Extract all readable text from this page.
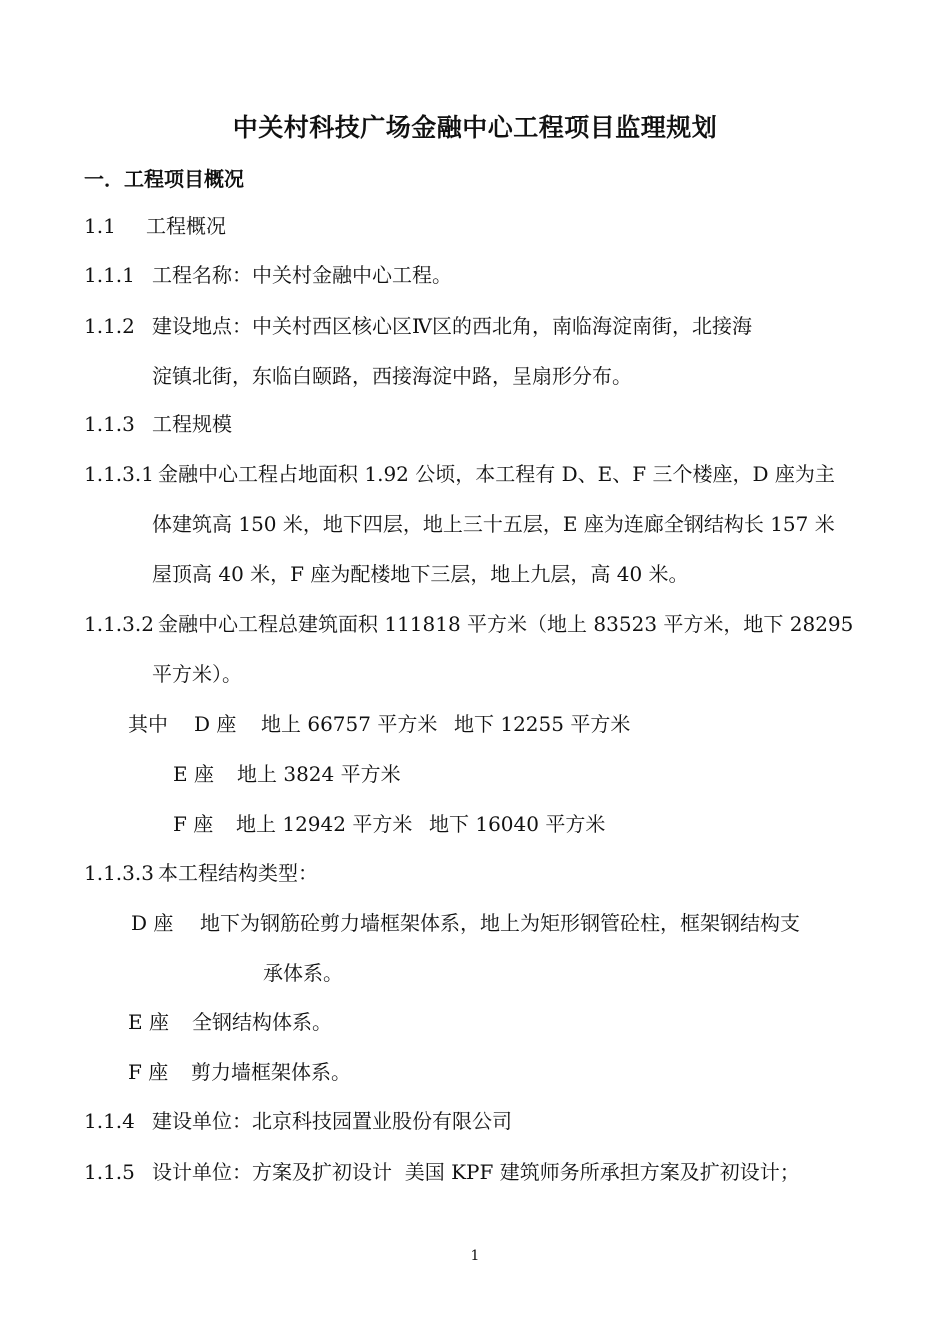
中关村科技广场金融中心工程项目监理规划
一．工程项目概况
1.1 工程概况
1.1.1 工程名称：中关村金融中心工程。
1.1.2 建设地点：中关村西区核心区Ⅳ区的西北角，南临海淀南街，北接海
淀镇北街，东临白颐路，西接海淀中路，呈扇形分布。
1.1.3 工程规模
1.1.3.1 金融中心工程占地面积 1.92 公顷，本工程有 D、E、F 三个楼座，D 座为主
体建筑高 150 米，地下四层，地上三十五层，E 座为连廊全钢结构长 157 米
屋顶高 40 米，F 座为配楼地下三层，地上九层，高 40 米。
1.1.3.2 金融中心工程总建筑面积 111818 平方米（地上 83523 平方米，地下 28295
平方米）。
其中 D 座 地上 66757 平方米 地下 12255 平方米
E 座 地上 3824 平方米
F 座 地上 12942 平方米 地下 16040 平方米
1.1.3.3 本工程结构类型：
D 座 地下为钢筋砼剪力墙框架体系，地上为矩形钢管砼柱，框架钢结构支
承体系。
E 座 全钢结构体系。
F 座 剪力墙框架体系。
1.1.4 建设单位：北京科技园置业股份有限公司
1.1.5 设计单位：方案及扩初设计  美国 KPF 建筑师务所承担方案及扩初设计；
1
